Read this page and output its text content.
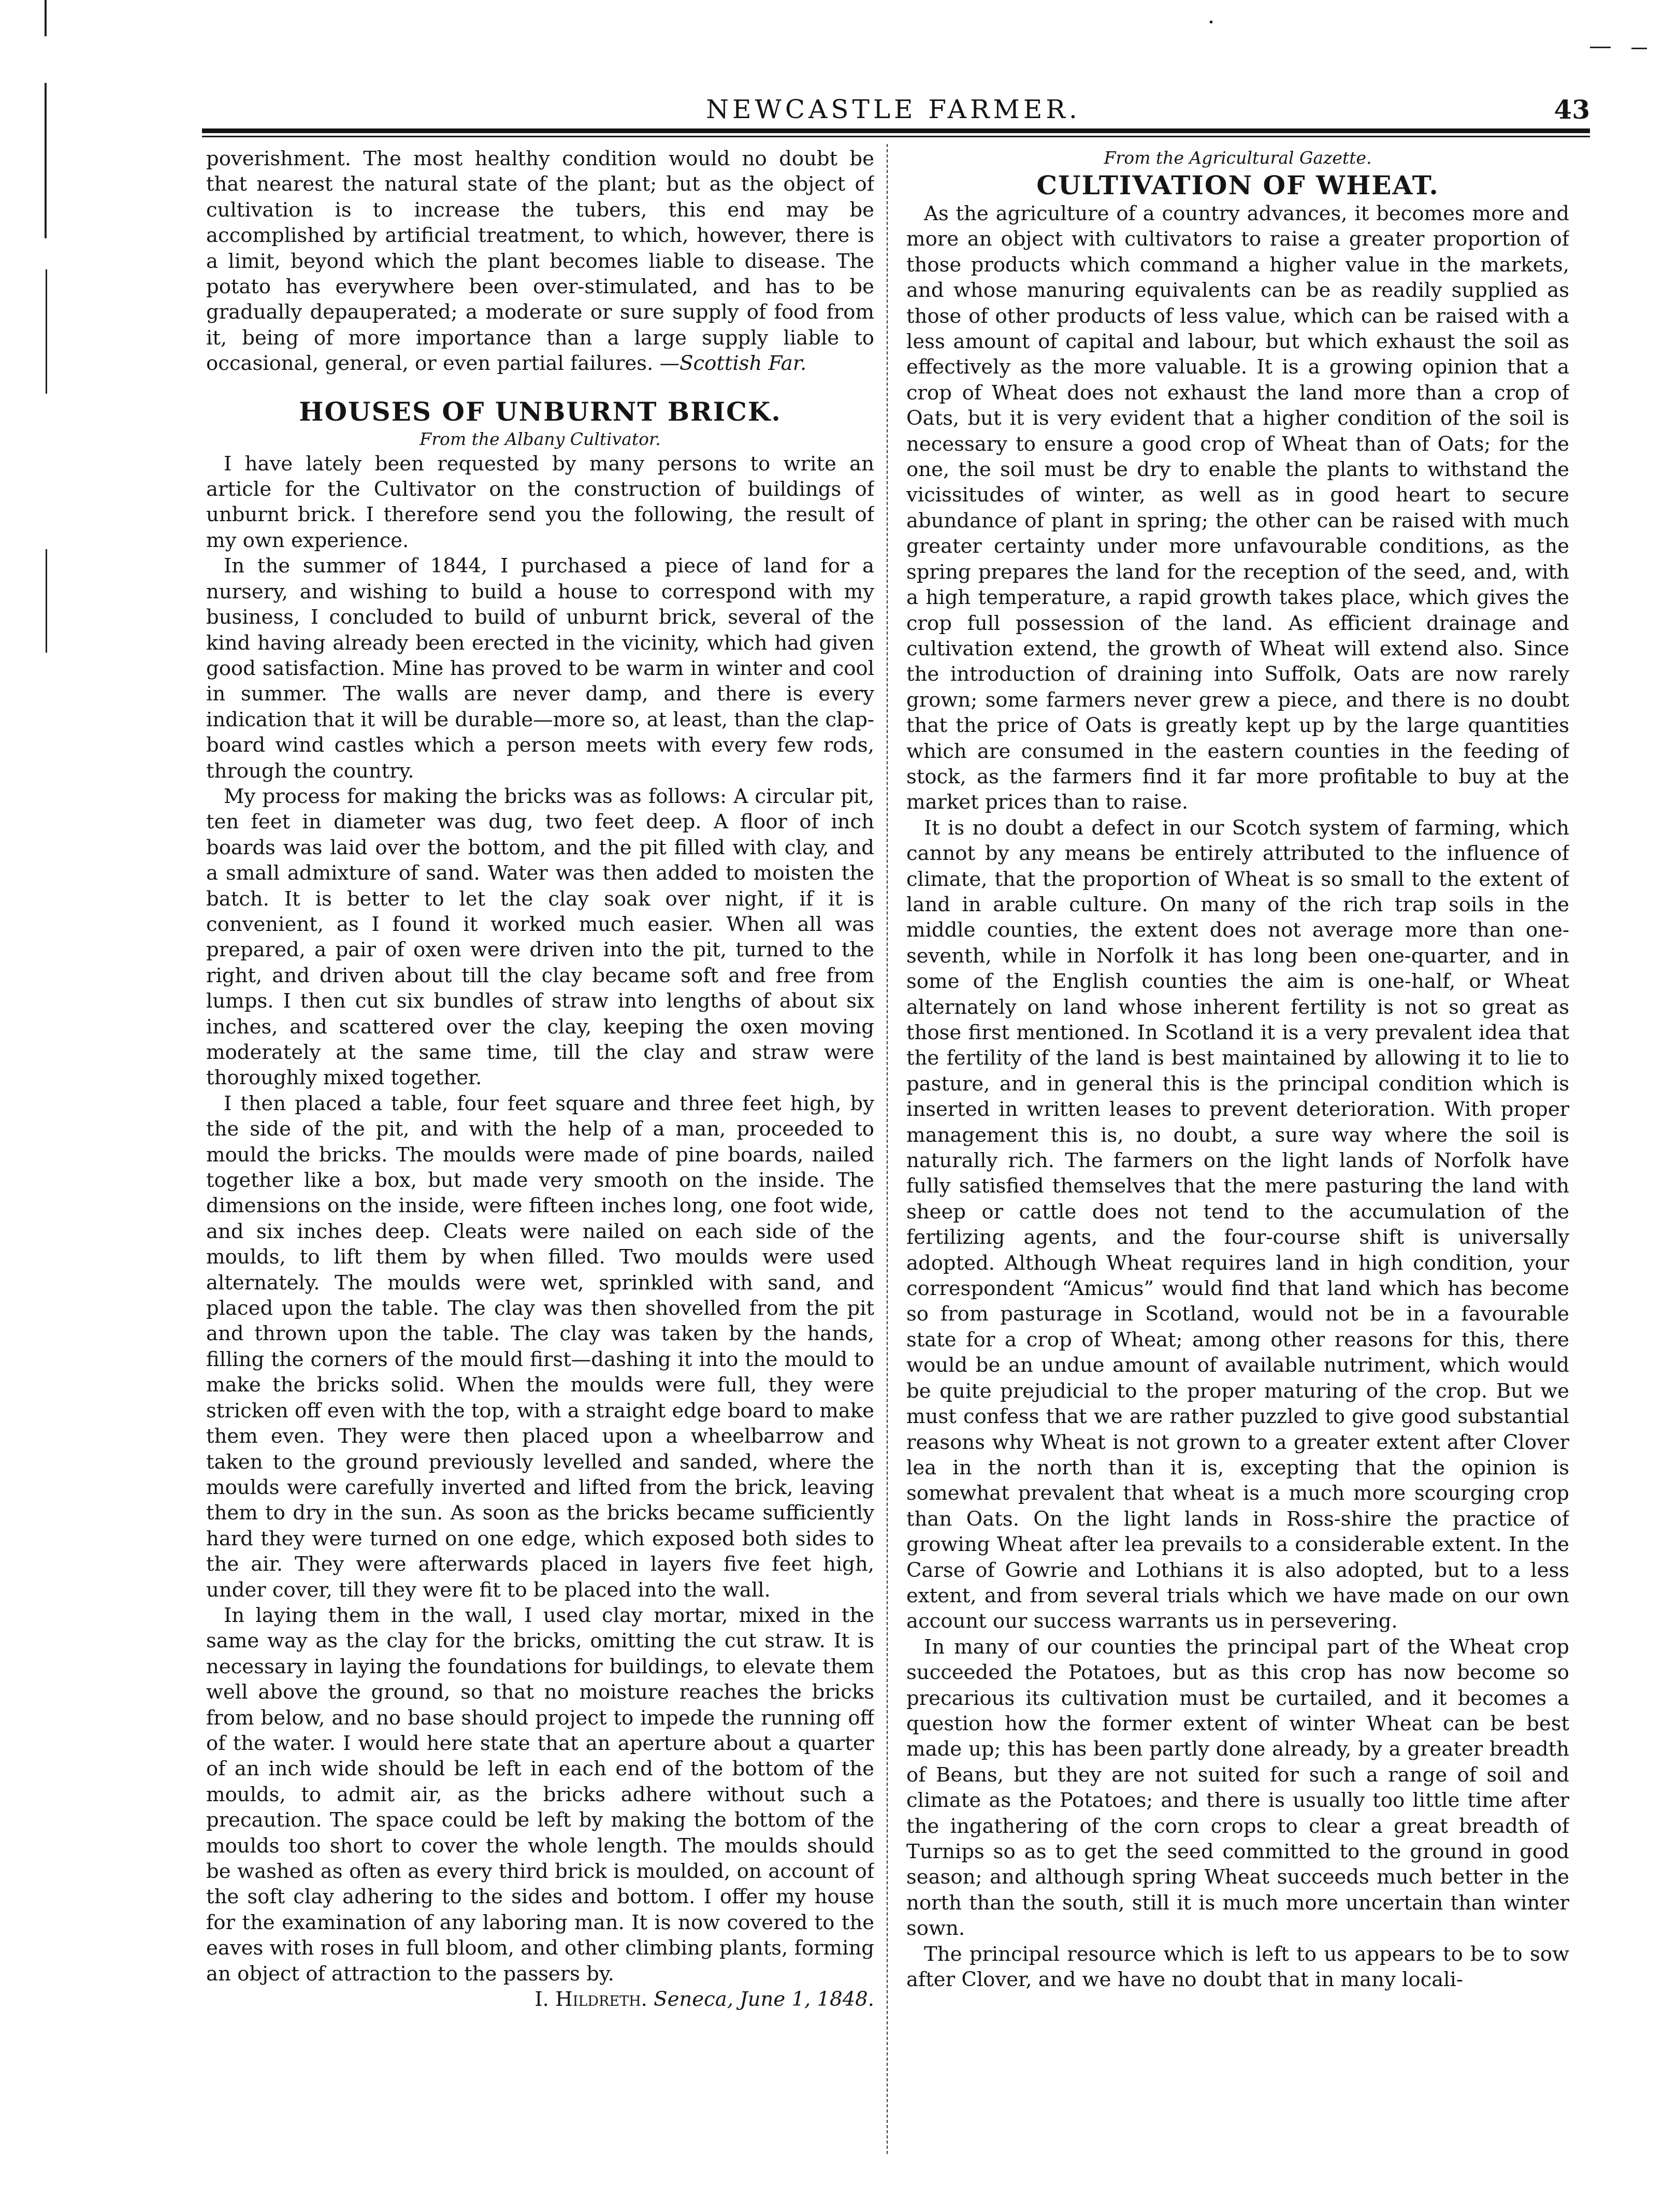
NEWCASTLE FARMER.	43

poverishment. The most healthy condition would no doubt be that nearest the natural state of the plant; but as the object of cultivation is to increase the tubers, this end may be accomplished by artificial treatment, to which, however, there is a limit, beyond which the plant becomes liable to disease. The potato has everywhere been over-stimulated, and has to be gradually depauperated; a moderate or sure supply of food from it, being of more importance than a large supply liable to occasional, general, or even partial failures. —Scottish Far.

HOUSES OF UNBURNT BRICK.

From the Albany Cultivator.

I have lately been requested by many persons to write an article for the Cultivator on the construction of buildings of unburnt brick. I therefore send you the following, the result of my own experience.

In the summer of 1844, I purchased a piece of land for a nursery, and wishing to build a house to correspond with my business, I concluded to build of unburnt brick, several of the kind having already been erected in the vicinity, which had given good satisfaction. Mine has proved to be warm in winter and cool in summer. The walls are never damp, and there is every indication that it will be durable—more so, at least, than the clap-board wind castles which a person meets with every few rods, through the country.

My process for making the bricks was as follows: A circular pit, ten feet in diameter was dug, two feet deep. A floor of inch boards was laid over the bottom, and the pit filled with clay, and a small admixture of sand. Water was then added to moisten the batch. It is better to let the clay soak over night, if it is convenient, as I found it worked much easier. When all was prepared, a pair of oxen were driven into the pit, turned to the right, and driven about till the clay became soft and free from lumps. I then cut six bundles of straw into lengths of about six inches, and scattered over the clay, keeping the oxen moving moderately at the same time, till the clay and straw were thoroughly mixed together.

I then placed a table, four feet square and three feet high, by the side of the pit, and with the help of a man, proceeded to mould the bricks. The moulds were made of pine boards, nailed together like a box, but made very smooth on the inside. The dimensions on the inside, were fifteen inches long, one foot wide, and six inches deep. Cleats were nailed on each side of the moulds, to lift them by when filled. Two moulds were used alternately. The moulds were wet, sprinkled with sand, and placed upon the table. The clay was then shovelled from the pit and thrown upon the table. The clay was taken by the hands, filling the corners of the mould first—dashing it into the mould to make the bricks solid. When the moulds were full, they were stricken off even with the top, with a straight edge board to make them even. They were then placed upon a wheelbarrow and taken to the ground previously levelled and sanded, where the moulds were carefully inverted and lifted from the brick, leaving them to dry in the sun. As soon as the bricks became sufficiently hard they were turned on one edge, which exposed both sides to the air. They were afterwards placed in layers five feet high, under cover, till they were fit to be placed into the wall.

In laying them in the wall, I used clay mortar, mixed in the same way as the clay for the bricks, omitting the cut straw. It is necessary in laying the foundations for buildings, to elevate them well above the ground, so that no moisture reaches the bricks from below, and no base should project to impede the running off of the water. I would here state that an aperture about a quarter of an inch wide should be left in each end of the bottom of the moulds, to admit air, as the bricks adhere without such a precaution. The space could be left by making the bottom of the moulds too short to cover the whole length. The moulds should be washed as often as every third brick is moulded, on account of the soft clay adhering to the sides and bottom. I offer my house for the examination of any laboring man. It is now covered to the eaves with roses in full bloom, and other climbing plants, forming an object of attraction to the passers by.

I. Hildreth. Seneca, June 1, 1848.

From the Agricultural Gazette.

CULTIVATION OF WHEAT.

As the agriculture of a country advances, it becomes more and more an object with cultivators to raise a greater proportion of those products which command a higher value in the markets, and whose manuring equivalents can be as readily supplied as those of other products of less value, which can be raised with a less amount of capital and labour, but which exhaust the soil as effectively as the more valuable. It is a growing opinion that a crop of Wheat does not exhaust the land more than a crop of Oats, but it is very evident that a higher condition of the soil is necessary to ensure a good crop of Wheat than of Oats; for the one, the soil must be dry to enable the plants to withstand the vicissitudes of winter, as well as in good heart to secure abundance of plant in spring; the other can be raised with much greater certainty under more unfavourable conditions, as the spring prepares the land for the reception of the seed, and, with a high temperature, a rapid growth takes place, which gives the crop full possession of the land. As efficient drainage and cultivation extend, the growth of Wheat will extend also. Since the introduction of draining into Suffolk, Oats are now rarely grown; some farmers never grew a piece, and there is no doubt that the price of Oats is greatly kept up by the large quantities which are consumed in the eastern counties in the feeding of stock, as the farmers find it far more profitable to buy at the market prices than to raise.

It is no doubt a defect in our Scotch system of farming, which cannot by any means be entirely attributed to the influence of climate, that the proportion of Wheat is so small to the extent of land in arable culture. On many of the rich trap soils in the middle counties, the extent does not average more than one-seventh, while in Norfolk it has long been one-quarter, and in some of the English counties the aim is one-half, or Wheat alternately on land whose inherent fertility is not so great as those first mentioned. In Scotland it is a very prevalent idea that the fertility of the land is best maintained by allowing it to lie to pasture, and in general this is the principal condition which is inserted in written leases to prevent deterioration. With proper management this is, no doubt, a sure way where the soil is naturally rich. The farmers on the light lands of Norfolk have fully satisfied themselves that the mere pasturing the land with sheep or cattle does not tend to the accumulation of the fertilizing agents, and the four-course shift is universally adopted. Although Wheat requires land in high condition, your correspondent “Amicus” would find that land which has become so from pasturage in Scotland, would not be in a favourable state for a crop of Wheat; among other reasons for this, there would be an undue amount of available nutriment, which would be quite prejudicial to the proper maturing of the crop. But we must confess that we are rather puzzled to give good substantial reasons why Wheat is not grown to a greater extent after Clover lea in the north than it is, excepting that the opinion is somewhat prevalent that wheat is a much more scourging crop than Oats. On the light lands in Ross-shire the practice of growing Wheat after lea prevails to a considerable extent. In the Carse of Gowrie and Lothians it is also adopted, but to a less extent, and from several trials which we have made on our own account our success warrants us in persevering.

In many of our counties the principal part of the Wheat crop succeeded the Potatoes, but as this crop has now become so precarious its cultivation must be curtailed, and it becomes a question how the former extent of winter Wheat can be best made up; this has been partly done already, by a greater breadth of Beans, but they are not suited for such a range of soil and climate as the Potatoes; and there is usually too little time after the ingathering of the corn crops to clear a great breadth of Turnips so as to get the seed committed to the ground in good season; and although spring Wheat succeeds much better in the north than the south, still it is much more uncertain than winter sown.

The principal resource which is left to us appears to be to sow after Clover, and we have no doubt that in many locali-
